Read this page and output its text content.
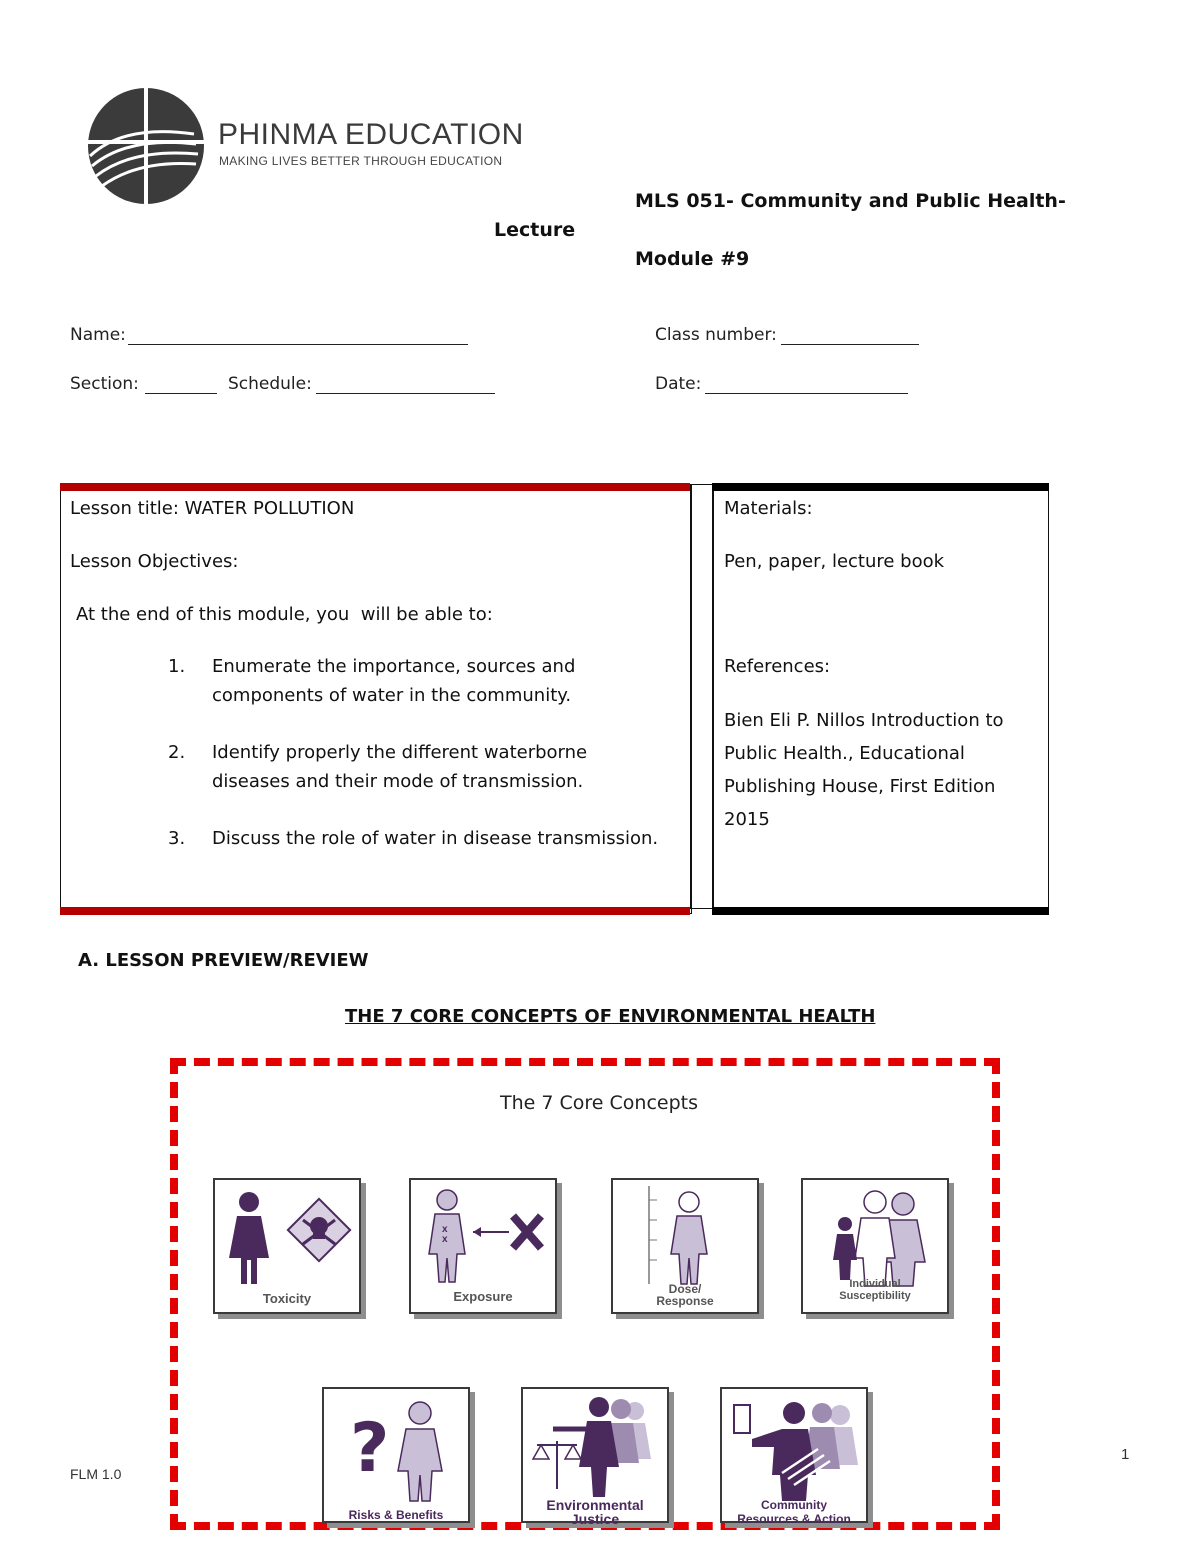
PHINMA EDUCATION
MAKING LIVES BETTER THROUGH EDUCATION
MLS 051- Community and Public Health-
Lecture
Module #9
Name:	Class number:
Section:	Schedule:	Date:
Lesson title: WATER POLLUTION
Lesson Objectives:
At the end of this module, you  will be able to:
1. Enumerate the importance, sources and components of water in the community.
2. Identify properly the different waterborne diseases and their mode of transmission.
3. Discuss the role of water in disease transmission.
Materials:
Pen, paper, lecture book
References:
Bien Eli P. Nillos Introduction to Public Health., Educational Publishing House, First Edition 2015
A. LESSON PREVIEW/REVIEW
THE 7 CORE CONCEPTS OF ENVIRONMENTAL HEALTH
The 7 Core Concepts
Toxicity
x
x
Exposure	Dose/
Response
Individual
Susceptibility
?
Risks & Benefits
Environmental
Justice
Community
Resources & Action
FLM 1.0
1
